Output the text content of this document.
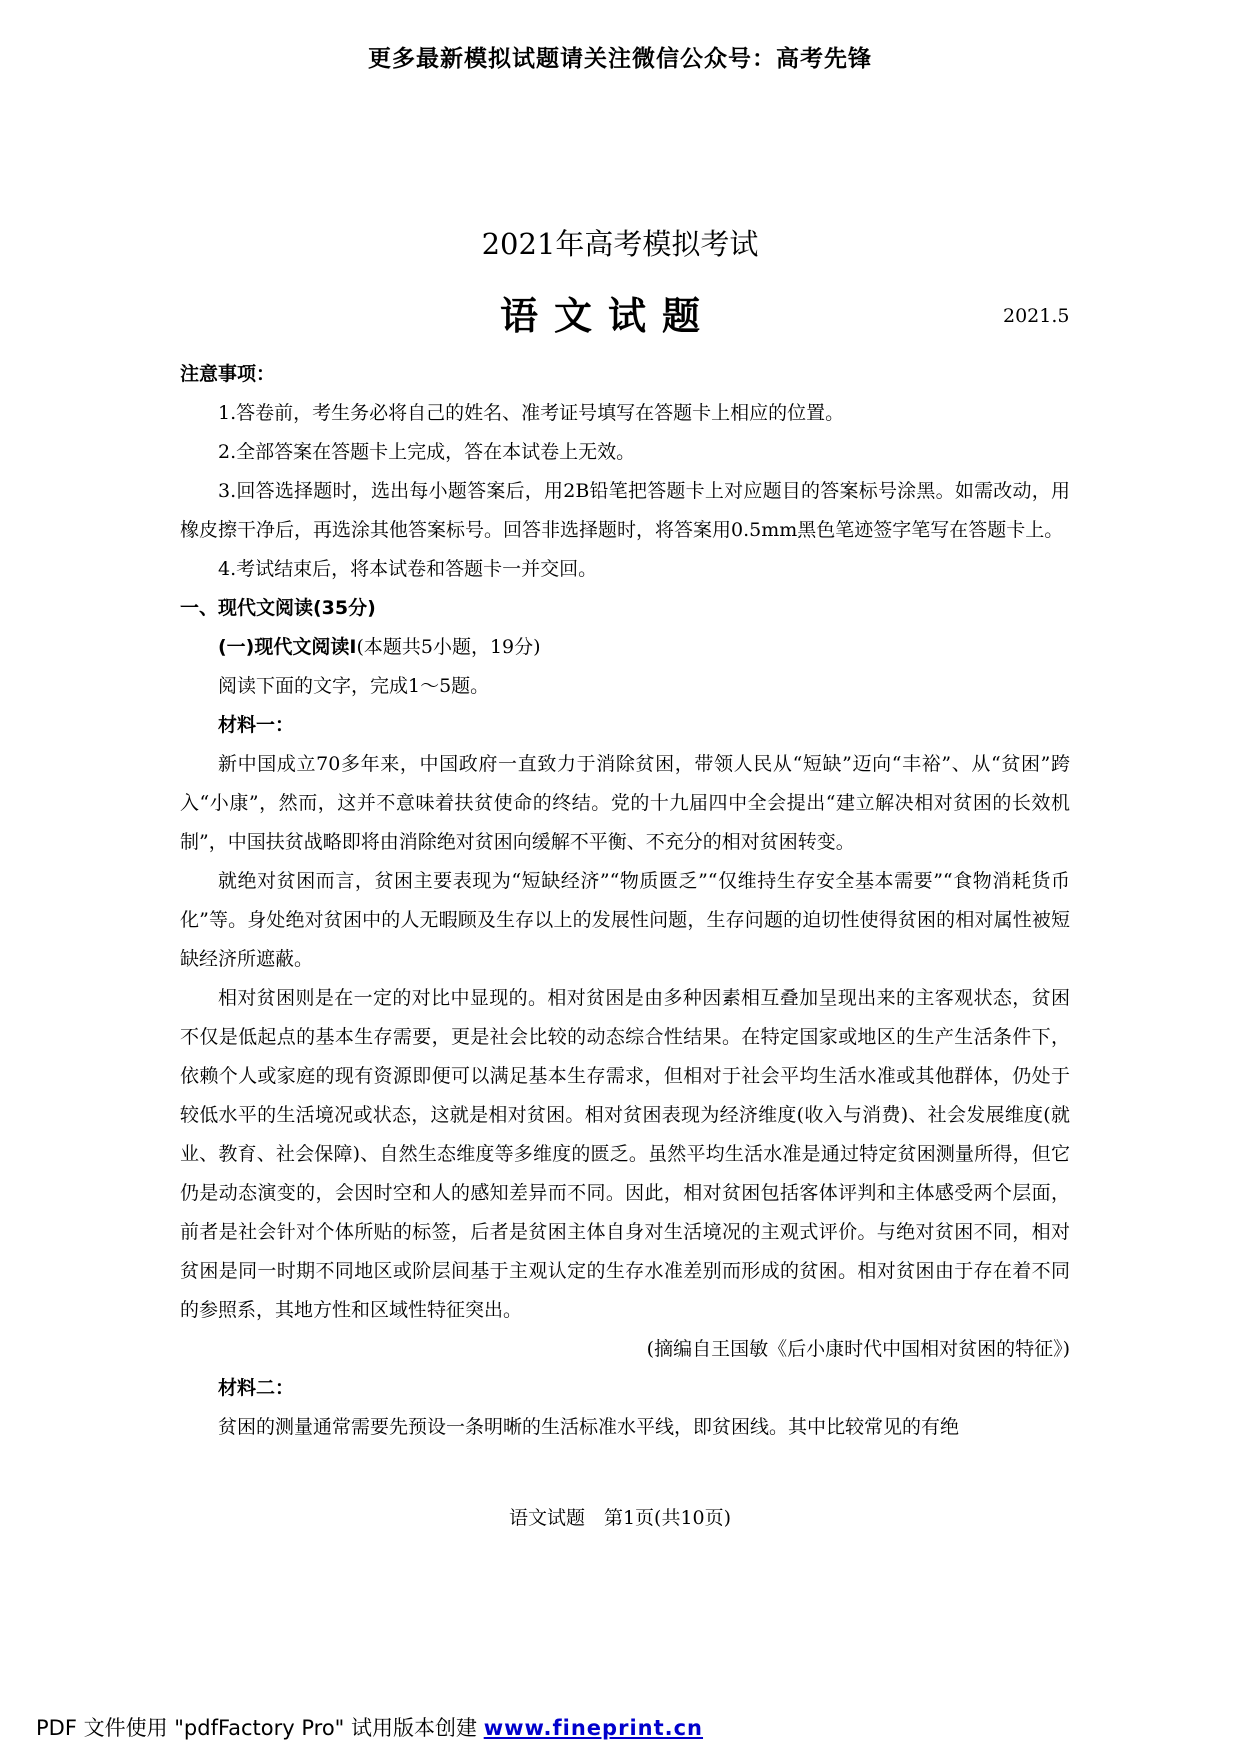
更多最新模拟试题请关注微信公众号：高考先锋
2021年高考模拟考试
语文试题	2021.5
注意事项：

1.答卷前，考生务必将自己的姓名、准考证号填写在答题卡上相应的位置。

2.全部答案在答题卡上完成，答在本试卷上无效。

3.回答选择题时，选出每小题答案后，用2B铅笔把答题卡上对应题目的答案标号涂黑。如需改动，用橡皮擦干净后，再选涂其他答案标号。回答非选择题时，将答案用0.5mm黑色笔迹签字笔写在答题卡上。

4.考试结束后，将本试卷和答题卡一并交回。

一、现代文阅读(35分)
(一)现代文阅读Ⅰ(本题共5小题，19分)
阅读下面的文字，完成1～5题。
材料一：

新中国成立70多年来，中国政府一直致力于消除贫困，带领人民从“短缺”迈向“丰裕”、从“贫困”跨入“小康”，然而，这并不意味着扶贫使命的终结。党的十九届四中全会提出“建立解决相对贫困的长效机制”，中国扶贫战略即将由消除绝对贫困向缓解不平衡、不充分的相对贫困转变。

就绝对贫困而言，贫困主要表现为“短缺经济”“物质匮乏”“仅维持生存安全基本需要”“食物消耗货币化”等。身处绝对贫困中的人无暇顾及生存以上的发展性问题，生存问题的迫切性使得贫困的相对属性被短缺经济所遮蔽。

相对贫困则是在一定的对比中显现的。相对贫困是由多种因素相互叠加呈现出来的主客观状态，贫困不仅是低起点的基本生存需要，更是社会比较的动态综合性结果。在特定国家或地区的生产生活条件下，依赖个人或家庭的现有资源即便可以满足基本生存需求，但相对于社会平均生活水准或其他群体，仍处于较低水平的生活境况或状态，这就是相对贫困。相对贫困表现为经济维度(收入与消费)、社会发展维度(就业、教育、社会保障)、自然生态维度等多维度的匮乏。虽然平均生活水准是通过特定贫困测量所得，但它仍是动态演变的，会因时空和人的感知差异而不同。因此，相对贫困包括客体评判和主体感受两个层面，前者是社会针对个体所贴的标签，后者是贫困主体自身对生活境况的主观式评价。与绝对贫困不同，相对贫困是同一时期不同地区或阶层间基于主观认定的生存水准差别而形成的贫困。相对贫困由于存在着不同的参照系，其地方性和区域性特征突出。

(摘编自王国敏《后小康时代中国相对贫困的特征》)
材料二：

贫困的测量通常需要先预设一条明晰的生活标准水平线，即贫困线。其中比较常见的有绝

语文试题　第1页(共10页)
PDF 文件使用 "pdfFactory Pro" 试用版本创建 www.fineprint.cn
